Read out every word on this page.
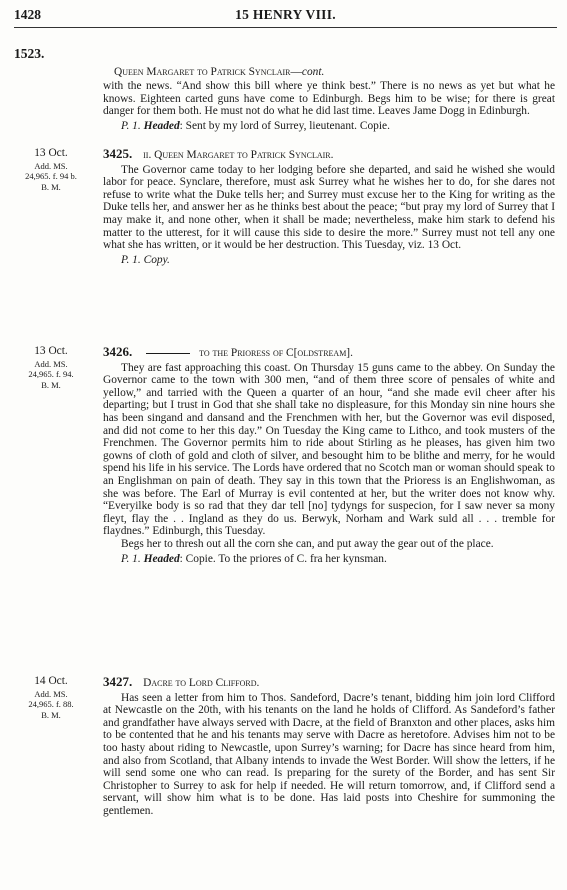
1428	15 HENRY VIII.
1523.
Queen Margaret to Patrick Synclair—cont.

with the news. “And show this bill where ye think best.” There is no news as yet but what he knows. Eighteen carted guns have come to Edinburgh. Begs him to be wise; for there is great danger for them both. He must not do what he did last time. Leaves Jame Dogg in Edinburgh.

P. 1. Headed: Sent by my lord of Surrey, lieutenant. Copie.

13 Oct.
Add. MS.
24,965. f. 94 b.
B. M.

3425. ii. Queen Margaret to Patrick Synclair.

The Governor came today to her lodging before she departed, and said he wished she would labor for peace. Synclare, therefore, must ask Surrey what he wishes her to do, for she dares not refuse to write what the Duke tells her; and Surrey must excuse her to the King for writing as the Duke tells her, and answer her as he thinks best about the peace; “but pray my lord of Surrey that I may make it, and none other, when it shall be made; nevertheless, make him stark to defend his matter to the utterest, for it will cause this side to desire the more.” Surrey must not tell any one what she has written, or it would be her destruction. This Tuesday, viz. 13 Oct.

P. 1. Copy.

13 Oct.
Add. MS.
24,965. f. 94.
B. M.

3426.	to the Prioress of C[oldstream].

They are fast approaching this coast. On Thursday 15 guns came to the abbey. On Sunday the Governor came to the town with 300 men, “and of them three score of pensales of white and yellow,” and tarried with the Queen a quarter of an hour, “and she made evil cheer after his departing; but I trust in God that she shall take no displeasure, for this Monday sin nine hours she has been singand and dansand and the Frenchmen with her, but the Governor was evil disposed, and did not come to her this day.” On Tuesday the King came to Lithco, and took musters of the Frenchmen. The Governor permits him to ride about Stirling as he pleases, has given him two gowns of cloth of gold and cloth of silver, and besought him to be blithe and merry, for he would spend his life in his service. The Lords have ordered that no Scotch man or woman should speak to an Englishman on pain of death. They say in this town that the Prioress is an Englishwoman, as she was before. The Earl of Murray is evil contented at her, but the writer does not know why. “Everyilke body is so rad that they dar tell [no] tydyngs for suspecion, for I saw never sa mony fleyt, flay the . . Ingland as they do us. Berwyk, Norham and Wark suld all . . . tremble for flaydnes.” Edinburgh, this Tuesday.

Begs her to thresh out all the corn she can, and put away the gear out of the place.

P. 1. Headed: Copie. To the priores of C. fra her kynsman.

14 Oct.
Add. MS.
24,965. f. 88.
B. M.

3427. Dacre to Lord Clifford.

Has seen a letter from him to Thos. Sandeford, Dacre’s tenant, bidding him join lord Clifford at Newcastle on the 20th, with his tenants on the land he holds of Clifford. As Sandeford’s father and grandfather have always served with Dacre, at the field of Branxton and other places, asks him to be contented that he and his tenants may serve with Dacre as heretofore. Advises him not to be too hasty about riding to Newcastle, upon Surrey’s warning; for Dacre has since heard from him, and also from Scotland, that Albany intends to invade the West Border. Will show the letters, if he will send some one who can read. Is preparing for the surety of the Border, and has sent Sir Christopher to Surrey to ask for help if needed. He will return tomorrow, and, if Clifford send a servant, will show him what is to be done. Has laid posts into Cheshire for summoning the gentlemen.
